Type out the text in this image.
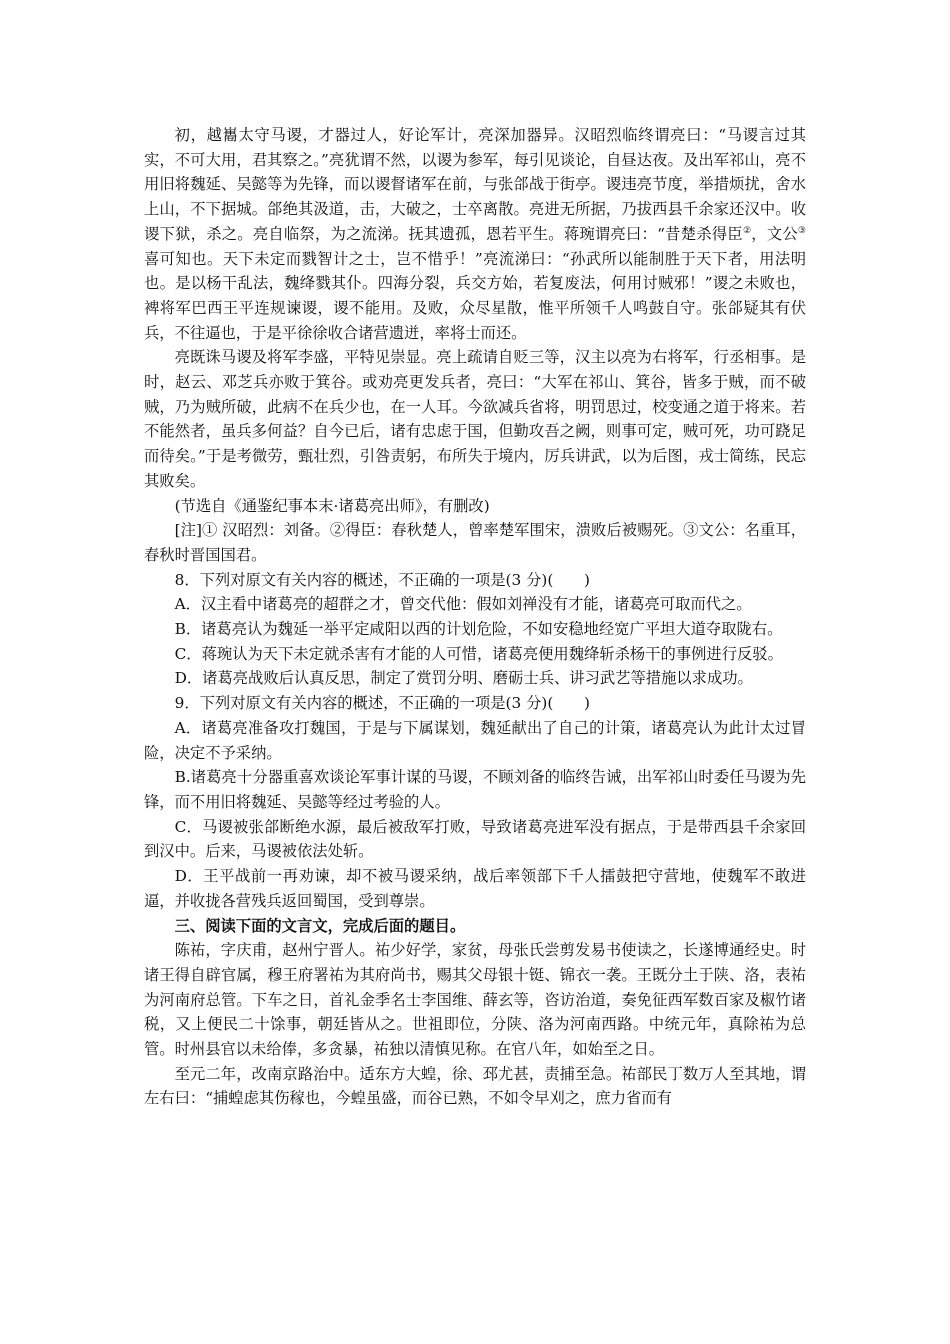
初，越巂太守马谡，才器过人，好论军计，亮深加器异。汉昭烈临终谓亮曰：“马谡言过其实，不可大用，君其察之。”亮犹谓不然，以谡为参军，每引见谈论，自昼达夜。及出军祁山，亮不用旧将魏延、吴懿等为先锋，而以谡督诸军在前，与张郃战于街亭。谡违亮节度，举措烦扰，舍水上山，不下据城。郃绝其汲道，击，大破之，士卒离散。亮进无所据，乃拔西县千余家还汉中。收谡下狱，杀之。亮自临祭，为之流涕。抚其遗孤，恩若平生。蒋琬谓亮曰：“昔楚杀得臣②，文公③喜可知也。天下未定而戮智计之士，岂不惜乎！”亮流涕曰：“孙武所以能制胜于天下者，用法明也。是以杨干乱法，魏绛戮其仆。四海分裂，兵交方始，若复废法，何用讨贼邪！”谡之未败也，裨将军巴西王平连规谏谡，谡不能用。及败，众尽星散，惟平所领千人鸣鼓自守。张郃疑其有伏兵，不往逼也，于是平徐徐收合诸营遗迸，率将士而还。

亮既诛马谡及将军李盛，平特见崇显。亮上疏请自贬三等，汉主以亮为右将军，行丞相事。是时，赵云、邓芝兵亦败于箕谷。或劝亮更发兵者，亮曰：“大军在祁山、箕谷，皆多于贼，而不破贼，乃为贼所破，此病不在兵少也，在一人耳。今欲减兵省将，明罚思过，校变通之道于将来。若不能然者，虽兵多何益？自今已后，诸有忠虑于国，但勤攻吾之阙，则事可定，贼可死，功可跷足而待矣。”于是考微劳，甄壮烈，引咎责躬，布所失于境内，厉兵讲武，以为后图，戎士简练，民忘其败矣。

(节选自《通鉴纪事本末·诸葛亮出师》，有删改)

[注]① 汉昭烈：刘备。②得臣：春秋楚人，曾率楚军围宋，溃败后被赐死。③文公：名重耳，春秋时晋国国君。

8．下列对原文有关内容的概述，不正确的一项是(3 分)(　　)

A．汉主看中诸葛亮的超群之才，曾交代他：假如刘禅没有才能，诸葛亮可取而代之。

B．诸葛亮认为魏延一举平定咸阳以西的计划危险，不如安稳地经宽广平坦大道夺取陇右。

C．蒋琬认为天下未定就杀害有才能的人可惜，诸葛亮便用魏绛斩杀杨干的事例进行反驳。

D．诸葛亮战败后认真反思，制定了赏罚分明、磨砺士兵、讲习武艺等措施以求成功。

9．下列对原文有关内容的概述，不正确的一项是(3 分)(　　)

A．诸葛亮准备攻打魏国，于是与下属谋划，魏延献出了自己的计策，诸葛亮认为此计太过冒险，决定不予采纳。

B.诸葛亮十分器重喜欢谈论军事计谋的马谡，不顾刘备的临终告诫，出军祁山时委任马谡为先锋，而不用旧将魏延、吴懿等经过考验的人。

C．马谡被张郃断绝水源，最后被敌军打败，导致诸葛亮进军没有据点，于是带西县千余家回到汉中。后来，马谡被依法处斩。

D．王平战前一再劝谏，却不被马谡采纳，战后率领部下千人擂鼓把守营地，使魏军不敢进逼，并收拢各营残兵返回蜀国，受到尊崇。

三、阅读下面的文言文，完成后面的题目。

陈祐，字庆甫，赵州宁晋人。祐少好学，家贫，母张氏尝剪发易书使读之，长遂博通经史。时诸王得自辟官属，穆王府署祐为其府尚书，赐其父母银十铤、锦衣一袭。王既分土于陕、洛，表祐为河南府总管。下车之日，首礼金季名士李国维、薛玄等，咨访治道，奏免征西军数百家及椒竹诸税，又上便民二十馀事，朝廷皆从之。世祖即位，分陕、洛为河南西路。中统元年，真除祐为总管。时州县官以未给俸，多贪暴，祐独以清慎见称。在官八年，如始至之日。

至元二年，改南京路治中。适东方大蝗，徐、邳尤甚，责捕至急。祐部民丁数万人至其地，谓左右曰：“捕蝗虑其伤稼也，今蝗虽盛，而谷已熟，不如令早刈之，庶力省而有
